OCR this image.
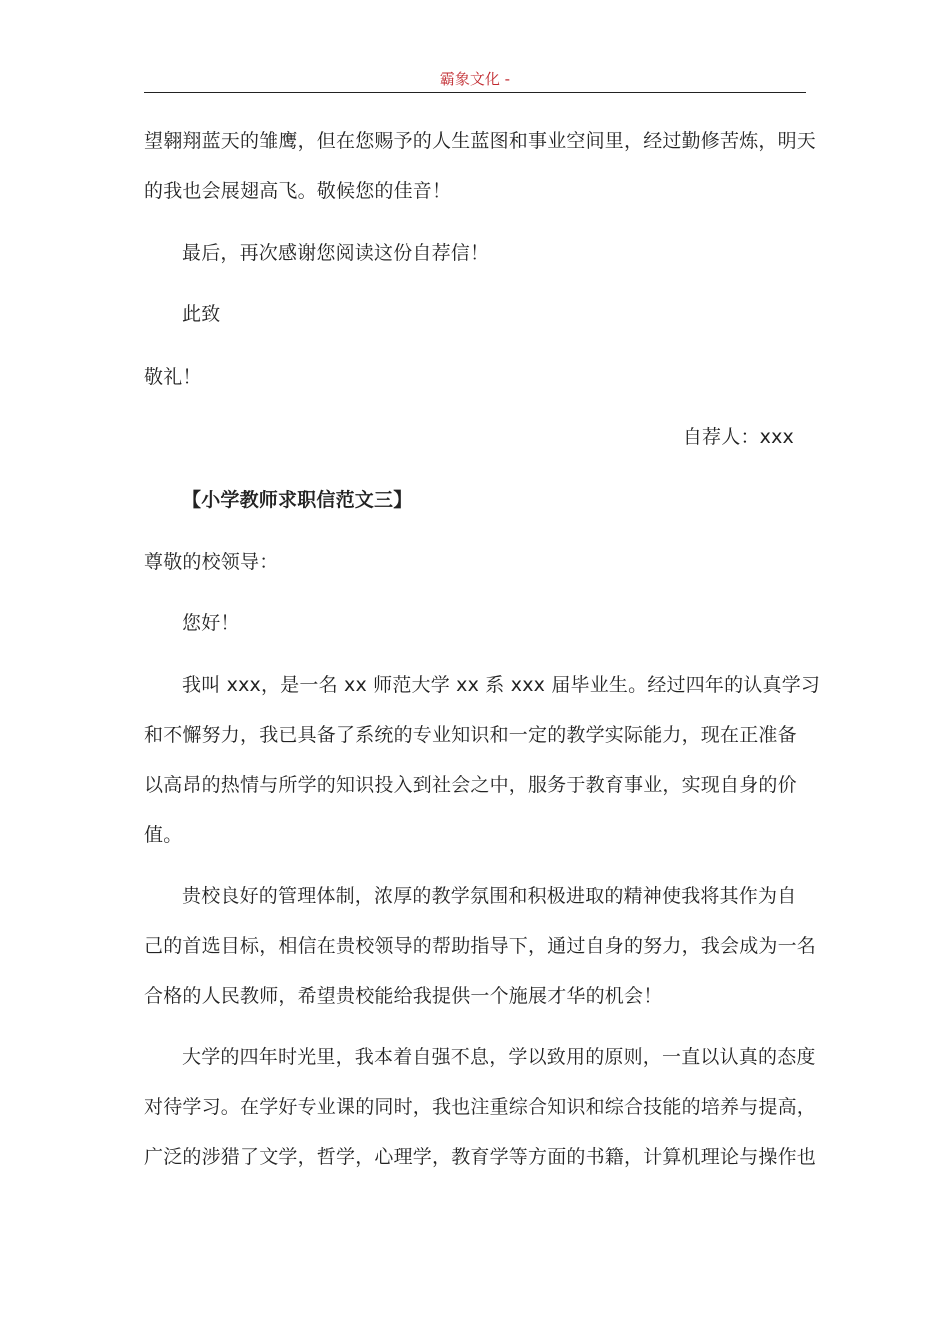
霸象文化 -
望翱翔蓝天的雏鹰，但在您赐予的人生蓝图和事业空间里，经过勤修苦炼，明天
的我也会展翅高飞。敬候您的佳音！
最后，再次感谢您阅读这份自荐信！
此致
敬礼！
自荐人：xxx
【小学教师求职信范文三】
尊敬的校领导：
您好！
我叫 xxx，是一名 xx 师范大学 xx 系 xxx 届毕业生。经过四年的认真学习
和不懈努力，我已具备了系统的专业知识和一定的教学实际能力，现在正准备
以高昂的热情与所学的知识投入到社会之中，服务于教育事业，实现自身的价
值。
贵校良好的管理体制，浓厚的教学氛围和积极进取的精神使我将其作为自
己的首选目标，相信在贵校领导的帮助指导下，通过自身的努力，我会成为一名
合格的人民教师，希望贵校能给我提供一个施展才华的机会！
大学的四年时光里，我本着自强不息，学以致用的原则，一直以认真的态度
对待学习。在学好专业课的同时，我也注重综合知识和综合技能的培养与提高，
广泛的涉猎了文学，哲学，心理学，教育学等方面的书籍，计算机理论与操作也
